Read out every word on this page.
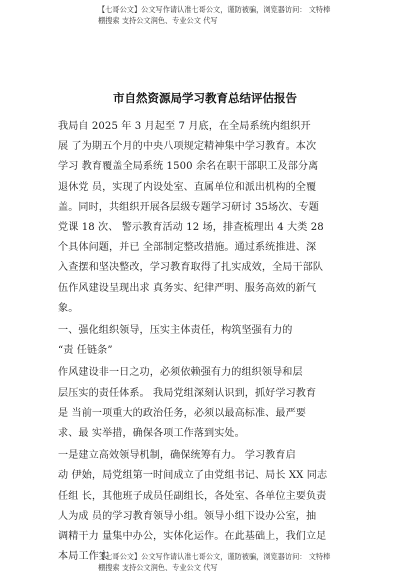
【七哥公文】公文写作请认准七哥公文，谨防被骗，浏览器访问： 文特棒
棚搜索 支持公文润色、专业公文 代写
市自然资源局学习教育总结评估报告
我局自 2025 年 3 月起至 7 月底，在全局系统内组织开
展 了为期五个月的中央八项规定精神集中学习教育。本次
学习 教育覆盖全局系统 1500 余名在职干部职工及部分离
退休党 员，实现了内设处室、直属单位和派出机构的全覆
盖。同时，共组织开展各层级专题学习研讨 35场次、专题
党课 18 次、 警示教育活动 12 场，排查梳理出 4 大类 28
个具体问题，并已 全部制定整改措施。通过系统推进、深
入查摆和坚决整改，学习教育取得了扎实成效，全局干部队
伍作风建设呈现出求 真务实、纪律严明、服务高效的新气
象。
一、强化组织领导，压实主体责任，构筑坚强有力的
“责 任链条”
作风建设非一日之功，必须依赖强有力的组织领导和层
层压实的责任体系。 我局党组深刻认识到，抓好学习教育
是 当前一项重大的政治任务，必须以最高标准、最严要
求、最 实举措，确保各项工作落到实处。
一是建立高效领导机制，确保统筹有力。 学习教育启
动 伊始，局党组第一时间成立了由党组书记、局长 XX 同志
任组 长，其他班子成员任副组长，各处室、各单位主要负责
人为成 员的学习教育领导小组。领导小组下设办公室，抽
调精干力 量集中办公，实体化运作。在此基础上，我们立足
本局工作实
【七哥公文】公文写作请认准七哥公文，谨防被骗，浏览器访问： 文特棒
棚搜索 支持公文润色、专业公文 代写
